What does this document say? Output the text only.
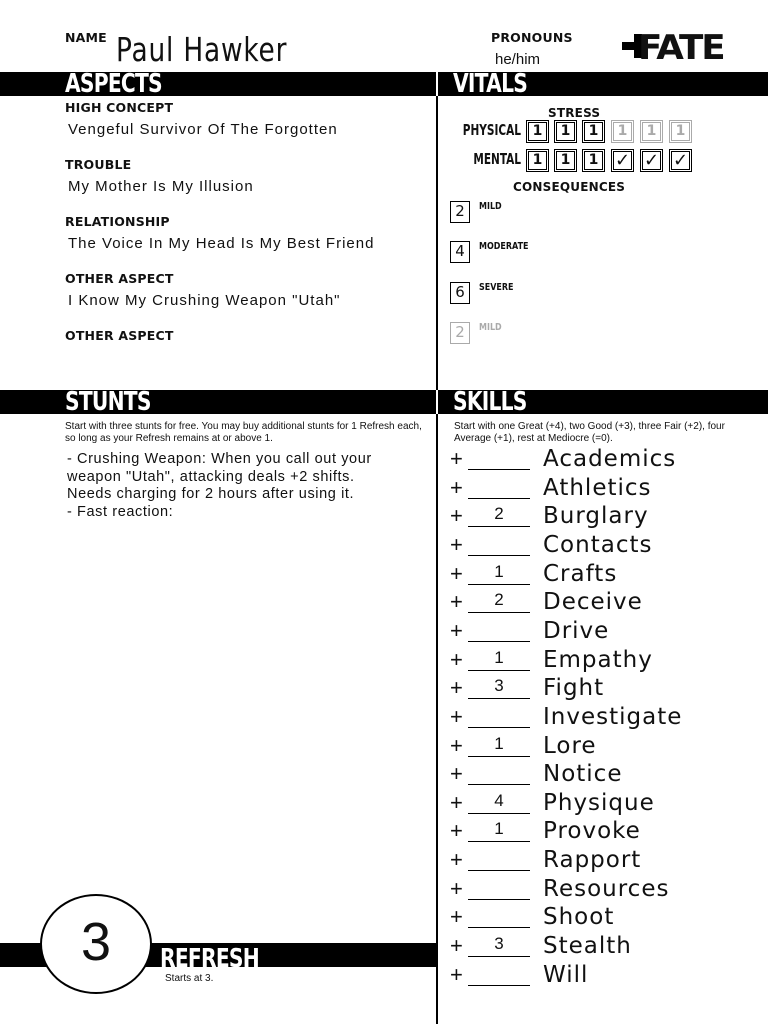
NAME Paul Hawker	PRONOUNS
he/him	FATE
ASPECTS	VITALS
HIGH CONCEPT
Vengeful Survivor Of The Forgotten
TROUBLE
My Mother Is My Illusion
RELATIONSHIP
The Voice In My Head Is My Best Friend
OTHER ASPECT
I Know My Crushing Weapon "Utah"
OTHER ASPECT
STRESS
PHYSICAL 1	1	1	1	1	1
MENTAL 1	1	1 ✓ ✓ ✓
CONSEQUENCES
2	MILD
4	MODERATE
6	SEVERE
2	MILD
STUNTS	SKILLS
Start with three stunts for free. You may buy additional stunts for 1 Refresh each, so long as your Refresh remains at or above 1.
- Crushing Weapon: When you call out your
weapon "Utah", attacking deals +2 shifts.
Needs charging for 2 hours after using it.
- Fast reaction:
Start with one Great (+4), two Good (+3), three Fair (+2), four Average (+1), rest at Mediocre (=0).
+	Academics
+	Athletics
+	2	Burglary
+	Contacts
+	1	Crafts
+	2	Deceive
+	Drive
+	1	Empathy
+	3	Fight
+	Investigate
+	1	Lore
+	Notice
+	4	Physique
+	1	Provoke
+	Rapport
+	Resources
+	Shoot
+	3	Stealth
+	Will
REFRESH
3
Starts at 3.
